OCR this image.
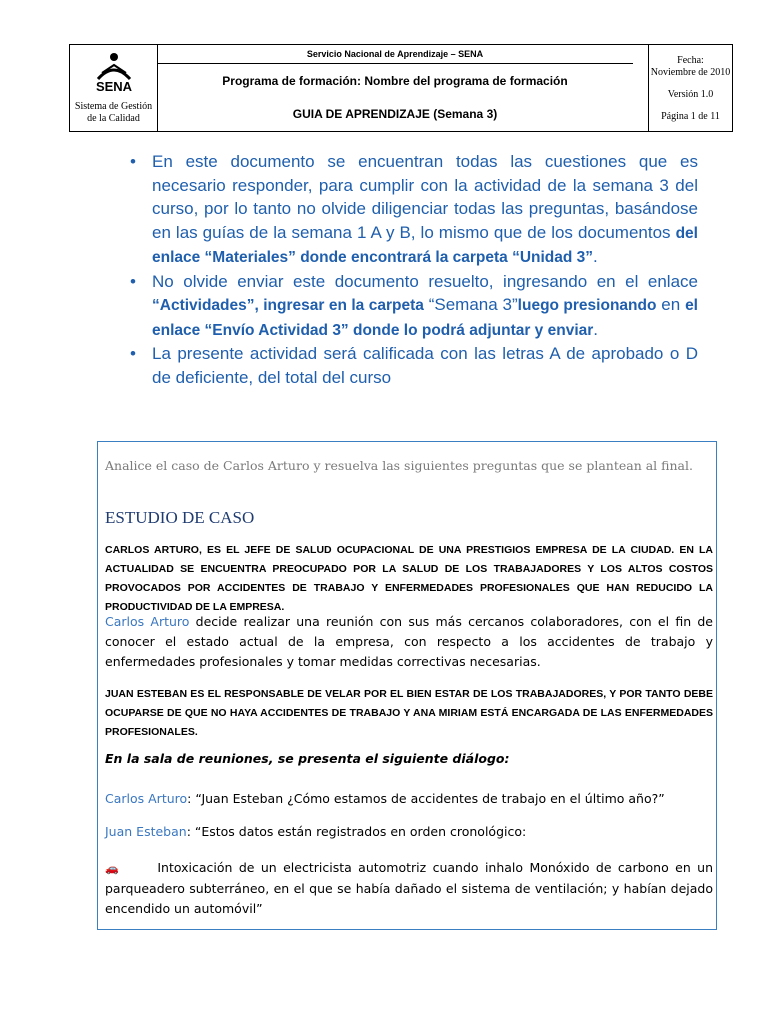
SENA
Sistema de Gestión
de la Calidad
Servicio Nacional de Aprendizaje – SENA
Programa de formación: Nombre del programa de formación
GUIA DE APRENDIZAJE (Semana 3)
Fecha:
Noviembre de 2010
Versión 1.0
Página 1 de 11
• En este documento se encuentran todas las cuestiones que es necesario responder, para cumplir con la actividad de la semana 3 del curso, por lo tanto no olvide diligenciar todas las preguntas, basándose en las guías de la semana 1 A y B, lo mismo que de los documentos del enlace “Materiales” donde encontrará la carpeta “Unidad 3”.
• No olvide enviar este documento resuelto, ingresando en el enlace “Actividades”, ingresar en la carpeta “Semana 3”luego presionando en el enlace “Envío Actividad 3” donde lo podrá adjuntar y enviar.
• La presente actividad será calificada con las letras A de aprobado o D de deficiente, del total del curso
Analice el caso de Carlos Arturo y resuelva las siguientes preguntas que se plantean al final.
ESTUDIO DE CASO
CARLOS ARTURO, ES EL JEFE DE SALUD OCUPACIONAL DE UNA PRESTIGIOS EMPRESA DE LA CIUDAD. EN LA ACTUALIDAD SE ENCUENTRA PREOCUPADO POR LA SALUD DE LOS TRABAJADORES Y LOS ALTOS COSTOS PROVOCADOS POR ACCIDENTES DE TRABAJO Y ENFERMEDADES PROFESIONALES QUE HAN REDUCIDO LA PRODUCTIVIDAD DE LA EMPRESA.
Carlos Arturo decide realizar una reunión con sus más cercanos colaboradores, con el fin de conocer el estado actual de la empresa, con respecto a los accidentes de trabajo y enfermedades profesionales y tomar medidas correctivas necesarias.
JUAN ESTEBAN ES EL RESPONSABLE DE VELAR POR EL BIEN ESTAR DE LOS TRABAJADORES, Y POR TANTO DEBE OCUPARSE DE QUE NO HAYA ACCIDENTES DE TRABAJO Y ANA MIRIAM ESTÁ ENCARGADA DE LAS ENFERMEDADES PROFESIONALES.
En la sala de reuniones, se presenta el siguiente diálogo:
Carlos Arturo: “Juan Esteban ¿Cómo estamos de accidentes de trabajo en el último año?”
Juan Esteban: “Estos datos están registrados en orden cronológico:
🚗	Intoxicación de un electricista automotriz cuando inhalo Monóxido de carbono en un parqueadero subterráneo, en el que se había dañado el sistema de ventilación; y habían dejado encendido un automóvil”
